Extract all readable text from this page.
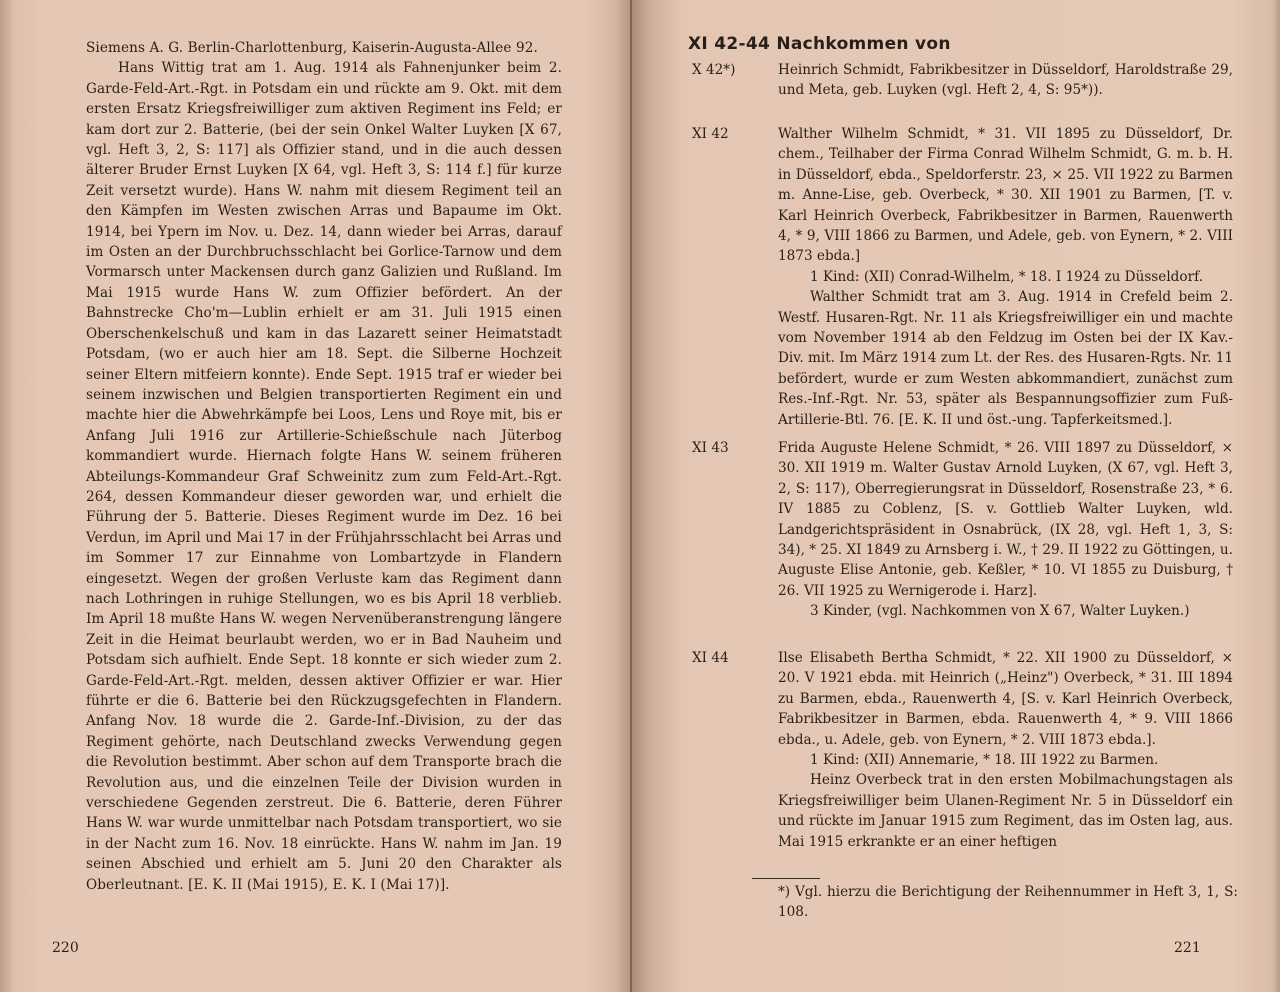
Siemens A. G. Berlin-Charlottenburg, Kaiserin-Augusta-Allee 92.

Hans Wittig trat am 1. Aug. 1914 als Fahnenjunker beim 2. Garde-Feld-Art.-Rgt. in Potsdam ein und rückte am 9. Okt. mit dem ersten Ersatz Kriegsfreiwilliger zum aktiven Regiment ins Feld; er kam dort zur 2. Batterie, (bei der sein Onkel Walter Luyken [X 67, vgl. Heft 3, 2, S: 117] als Offizier stand, und in die auch dessen älterer Bruder Ernst Luyken [X 64, vgl. Heft 3, S: 114 f.] für kurze Zeit versetzt wurde). Hans W. nahm mit diesem Regiment teil an den Kämpfen im Westen zwischen Arras und Bapaume im Okt. 1914, bei Ypern im Nov. u. Dez. 14, dann wieder bei Arras, darauf im Osten an der Durchbruchsschlacht bei Gorlice-Tarnow und dem Vormarsch unter Mackensen durch ganz Galizien und Rußland. Im Mai 1915 wurde Hans W. zum Offizier befördert. An der Bahnstrecke Cho'm—Lublin erhielt er am 31. Juli 1915 einen Oberschenkelschuß und kam in das Lazarett seiner Heimatstadt Potsdam, (wo er auch hier am 18. Sept. die Silberne Hochzeit seiner Eltern mitfeiern konnte). Ende Sept. 1915 traf er wieder bei seinem inzwischen und Belgien transportierten Regiment ein und machte hier die Abwehrkämpfe bei Loos, Lens und Roye mit, bis er Anfang Juli 1916 zur Artillerie-Schießschule nach Jüterbog kommandiert wurde. Hiernach folgte Hans W. seinem früheren Abteilungs-Kommandeur Graf Schweinitz zum zum Feld-Art.-Rgt. 264, dessen Kommandeur dieser geworden war, und erhielt die Führung der 5. Batterie. Dieses Regiment wurde im Dez. 16 bei Verdun, im April und Mai 17 in der Frühjahrsschlacht bei Arras und im Sommer 17 zur Einnahme von Lombartzyde in Flandern eingesetzt. Wegen der großen Verluste kam das Regiment dann nach Lothringen in ruhige Stellungen, wo es bis April 18 verblieb. Im April 18 mußte Hans W. wegen Nervenüberanstrengung längere Zeit in die Heimat beurlaubt werden, wo er in Bad Nauheim und Potsdam sich aufhielt. Ende Sept. 18 konnte er sich wieder zum 2. Garde-Feld-Art.-Rgt. melden, dessen aktiver Offizier er war. Hier führte er die 6. Batterie bei den Rückzugsgefechten in Flandern. Anfang Nov. 18 wurde die 2. Garde-Inf.-Division, zu der das Regiment gehörte, nach Deutschland zwecks Verwendung gegen die Revolution bestimmt. Aber schon auf dem Transporte brach die Revolution aus, und die einzelnen Teile der Division wurden in verschiedene Gegenden zerstreut. Die 6. Batterie, deren Führer Hans W. war wurde unmittelbar nach Potsdam transportiert, wo sie in der Nacht zum 16. Nov. 18 einrückte. Hans W. nahm im Jan. 19 seinen Abschied und erhielt am 5. Juni 20 den Charakter als Oberleutnant. [E. K. II (Mai 1915), E. K. I (Mai 17)].

220
XI 42-44 Nachkommen von
X 42*)	Heinrich Schmidt, Fabrikbesitzer in Düsseldorf, Haroldstraße 29, und Meta, geb. Luyken (vgl. Heft 2, 4, S: 95*)).

XI 42	Walther Wilhelm Schmidt, * 31. VII 1895 zu Düsseldorf, Dr. chem., Teilhaber der Firma Conrad Wilhelm Schmidt, G. m. b. H. in Düsseldorf, ebda., Speldorferstr. 23, × 25. VII 1922 zu Barmen m. Anne-Lise, geb. Overbeck, * 30. XII 1901 zu Barmen, [T. v. Karl Heinrich Overbeck, Fabrikbesitzer in Barmen, Rauenwerth 4, * 9, VIII 1866 zu Barmen, und Adele, geb. von Eynern, * 2. VIII 1873 ebda.]

1 Kind: (XII) Conrad-Wilhelm, * 18. I 1924 zu Düsseldorf.

Walther Schmidt trat am 3. Aug. 1914 in Crefeld beim 2. Westf. Husaren-Rgt. Nr. 11 als Kriegsfreiwilliger ein und machte vom November 1914 ab den Feldzug im Osten bei der IX Kav.-Div. mit. Im März 1914 zum Lt. der Res. des Husaren-Rgts. Nr. 11 befördert, wurde er zum Westen abkommandiert, zunächst zum Res.-Inf.-Rgt. Nr. 53, später als Bespannungsoffizier zum Fuß-Artillerie-Btl. 76. [E. K. II und öst.-ung. Tapferkeitsmed.].

XI 43	Frida Auguste Helene Schmidt, * 26. VIII 1897 zu Düsseldorf, × 30. XII 1919 m. Walter Gustav Arnold Luyken, (X 67, vgl. Heft 3, 2, S: 117), Oberregierungsrat in Düsseldorf, Rosenstraße 23, * 6. IV 1885 zu Coblenz, [S. v. Gottlieb Walter Luyken, wld. Landgerichtspräsident in Osnabrück, (IX 28, vgl. Heft 1, 3, S: 34), * 25. XI 1849 zu Arnsberg i. W., † 29. II 1922 zu Göttingen, u. Auguste Elise Antonie, geb. Keßler, * 10. VI 1855 zu Duisburg, † 26. VII 1925 zu Wernigerode i. Harz].

3 Kinder, (vgl. Nachkommen von X 67, Walter Luyken.)

XI 44	Ilse Elisabeth Bertha Schmidt, * 22. XII 1900 zu Düsseldorf, × 20. V 1921 ebda. mit Heinrich („Heinz") Overbeck, * 31. III 1894 zu Barmen, ebda., Rauenwerth 4, [S. v. Karl Heinrich Overbeck, Fabrikbesitzer in Barmen, ebda. Rauenwerth 4, * 9. VIII 1866 ebda., u. Adele, geb. von Eynern, * 2. VIII 1873 ebda.].

1 Kind: (XII) Annemarie, * 18. III 1922 zu Barmen.

Heinz Overbeck trat in den ersten Mobilmachungstagen als Kriegsfreiwilliger beim Ulanen-Regiment Nr. 5 in Düsseldorf ein und rückte im Januar 1915 zum Regiment, das im Osten lag, aus. Mai 1915 erkrankte er an einer heftigen

*) Vgl. hierzu die Berichtigung der Reihennummer in Heft 3, 1, S: 108.
221
